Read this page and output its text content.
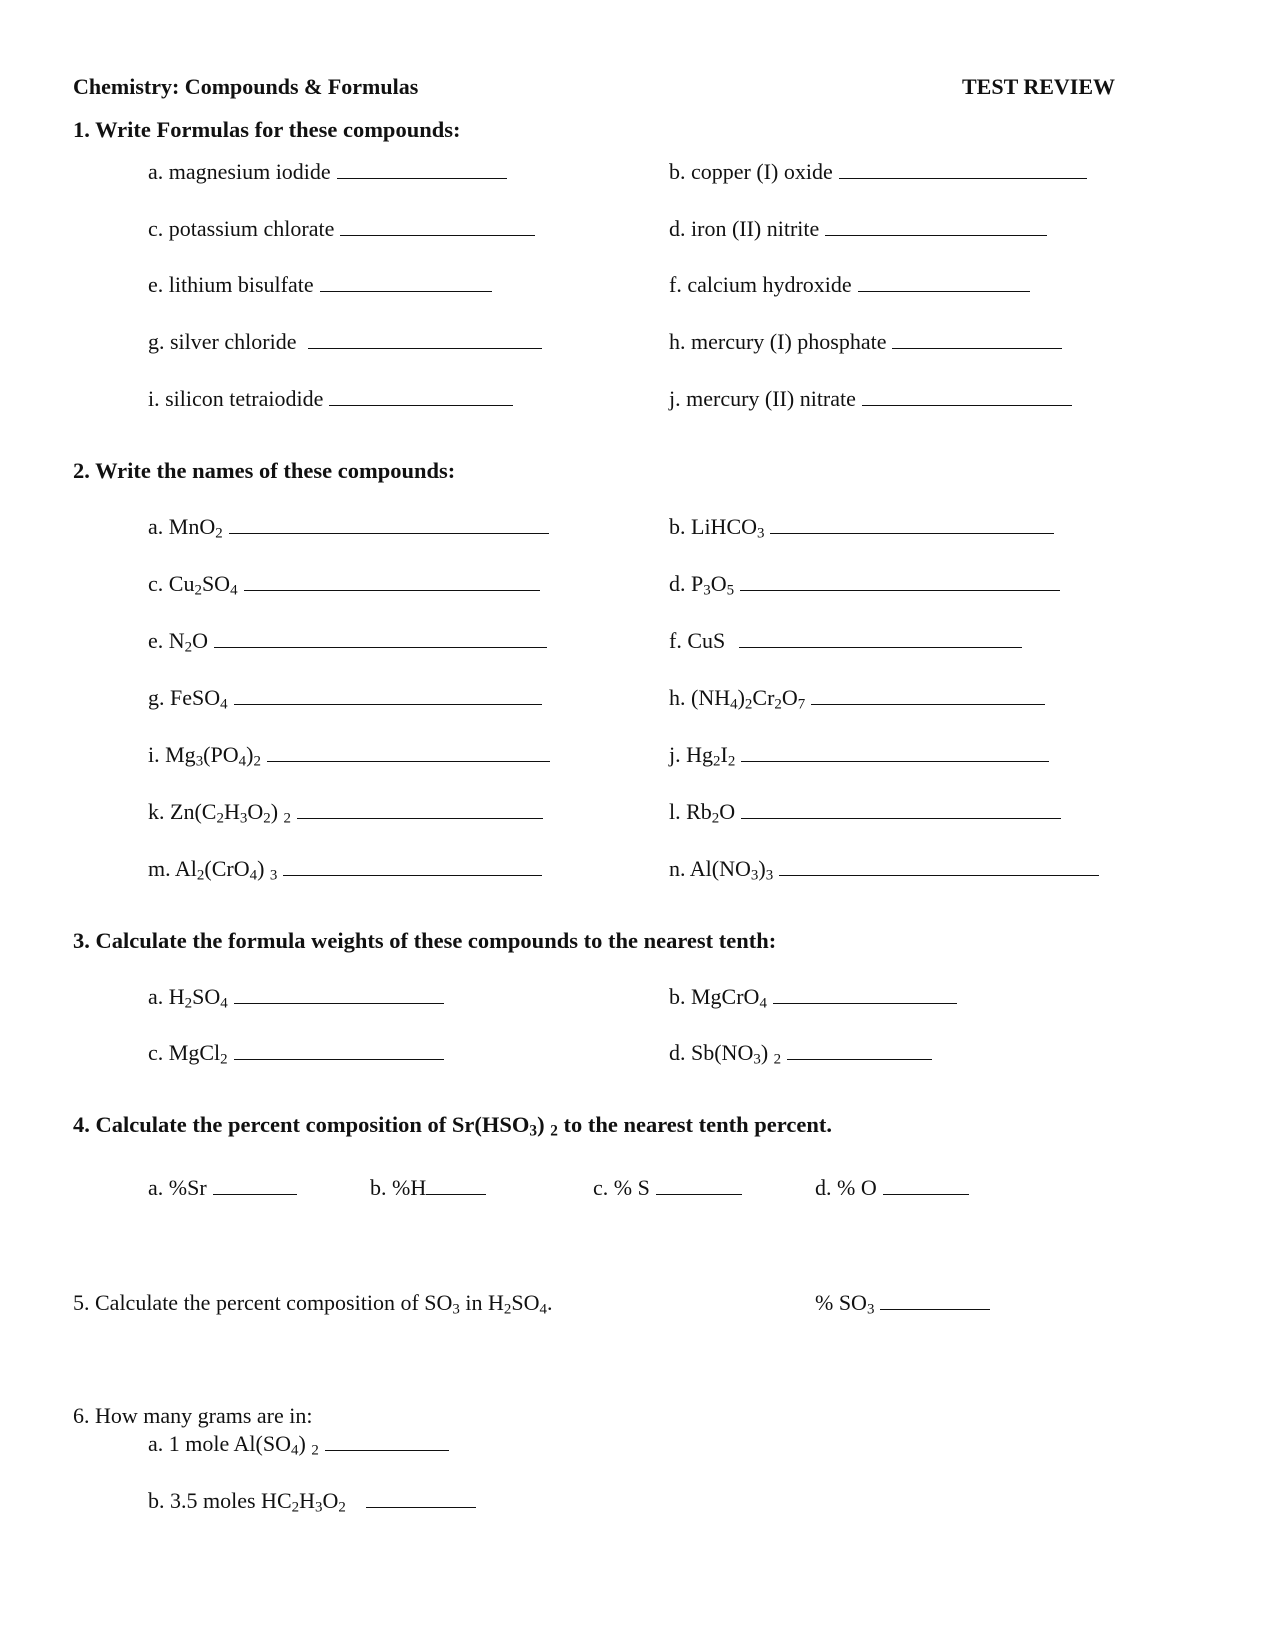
Chemistry: Compounds & Formulas	TEST REVIEW
1. Write Formulas for these compounds:
a. magnesium iodide	b. copper (I) oxide
c. potassium chlorate	d. iron (II) nitrite
e. lithium bisulfate	f. calcium hydroxide
g. silver chloride	h. mercury (I) phosphate
i. silicon tetraiodide	j. mercury (II) nitrate
2. Write the names of these compounds:
a. MnO$_2$	b. LiHCO$_3$
c. $Cu_2SO_4$	d. $P_3O_5$
e. $N_2O$	f. CuS
g. FeSO$_4$	h. $(NH_4)_2Cr_2O_7$
i. $Mg_3(PO_4)_2$	j. $Hg_2I_2$
k. $Zn(C_2H_3O_2)$ $_2$	l. $Rb_2O$
m. $Al_2(CrO_4)$ $_3$	n. $Al(NO_3)_3$
3. Calculate the formula weights of these compounds to the nearest tenth:
a. $H_2SO_4$	b. MgCrO$_4$
c. MgCl$_2$	d. $Sb(NO_3)$ $_2$
4. Calculate the percent composition of $Sr(HSO_3)$ $_2$ to the nearest tenth percent.
a. %Sr	b. %H	c. % S	d. % O
5. Calculate the percent composition of $SO_3$ in $H_2SO_4$.	% $SO_3$
6. How many grams are in:
a. 1 mole $Al(SO_4)$ $_2$
b. 3.5 moles $HC_2H_3O_2$
